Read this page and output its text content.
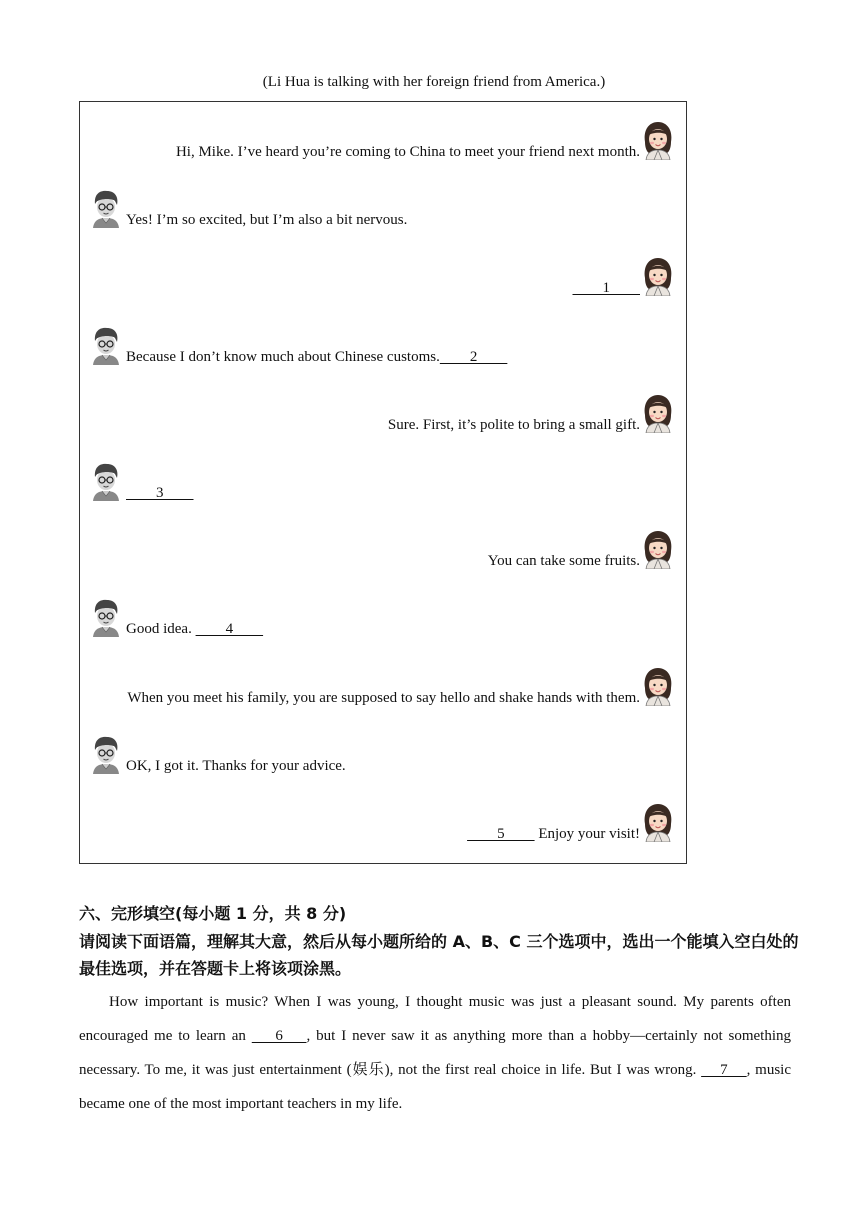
(Li Hua is talking with her foreign friend from America.)
Hi, Mike. I’ve heard you’re coming to China to meet your friend next month.
Yes! I’m so excited, but I’m also a bit nervous.
1
Because I don’t know much about Chinese customs.        2
Sure. First, it’s polite to bring a small gift.
3
You can take some fruits.
Good idea.         4
When you meet his family, you are supposed to say hello and shake hands with them.
OK, I got it. Thanks for your advice.
5         Enjoy your visit!
六、完形填空(每小题 1 分，共 8 分)
请阅读下面语篇，理解其大意，然后从每小题所给的 A、B、C 三个选项中，选出一个能填入空白处的最佳选项，并在答题卡上将该项涂黑。

How important is music? When I was young, I thought music was just a pleasant sound. My parents often encouraged me to learn an     6    , but I never saw it as anything more than a hobby—certainly not something necessary. To me, it was just entertainment (娱乐), not the first real choice in life. But I was wrong.     7    , music became one of the most important teachers in my life.
